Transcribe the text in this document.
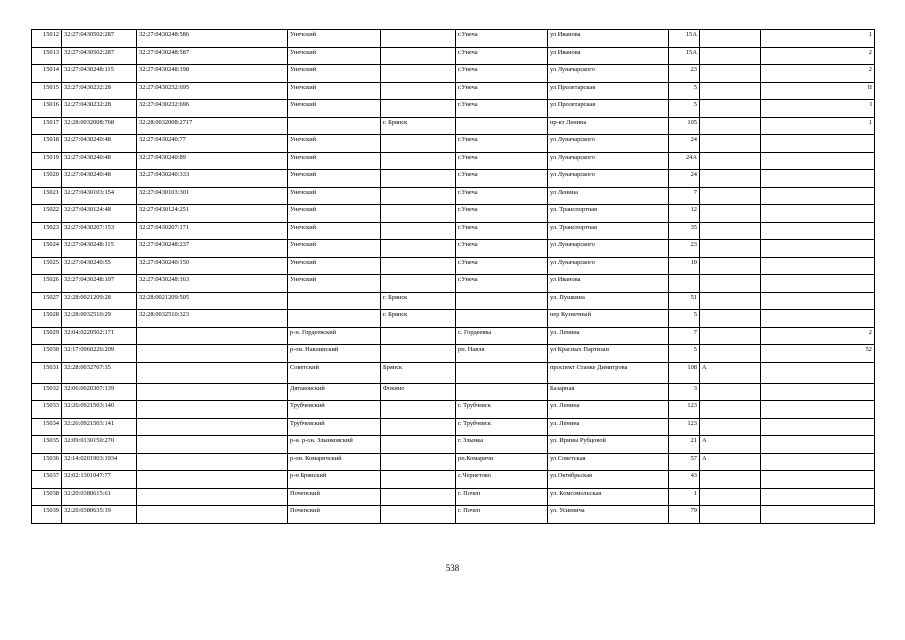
15012	32:27:0430502:287	32:27:0430248:586	Унечский		г.Унеча	ул Иванова	15А		1
15013	32:27:0430502:287	32:27:0430248:587	Унечский		г.Унеча	ул Иванова	15А		2
15014	32:27:0430248:115	32:27:0430248:198	Унечский		г.Унеча	ул Луначарского	23		2
15015	32:27:0430232:28	32:27:0430232:695	Унечский		г.Унеча	ул Пролетарская	5		II
15016	32:27:0430232:28	32:27:0430232:696	Унечский		г.Унеча	ул Пролетарская	5		I
15017	32:28:0032008:768	32:28:0032008:2717		г. Брянск		пр-кт Ленина	105		1
15018	32:27:0430240:48	32:27:0430240:77	Унечский		г.Унеча	ул Луначарского	24		
15019	32:27:0430240:48	32:27:0430240:89	Унечский		г.Унеча	ул Луначарского	24А		
15020	32:27:0430240:48	32:27:0430240:333	Унечский		г.Унеча	ул Луначарского	24		
15021	32:27:0430103:154	32:27:0430103:301	Унечский		г.Унеча	ул Ленина	7		
15022	32:27:0430124:48	32:27:0430124:251	Унечский		г.Унеча	ул. Транспортная	12		
15023	32:27:0430207:153	32:27:0430207:171	Унечский		г.Унеча	ул. Транспортная	35		
15024	32:27:0430248:115	32:27:0430248:237	Унечский		г.Унеча	ул Луначарского	23		
15025	32:27:0430240:55	32:27:0430240:150	Унечский		г.Унеча	ул Луначарского	19		
15026	32:27:0430248:107	32:27:0430248:163	Унечский		г.Унеча	ул Иванова			
15027	32:28:0021209:28	32:28:0021209:505		г. Брянск		ул. Пушкина	51		
15028	32:28:0032510:29	32:28:0032510:323		г. Брянск		пер Кузнечный	5		
15029	32:04:0220502:171		р-н. Гордеевский		с. Гордеевка	ул. Ленина	7		2
15030	32:17:0960226:209		р-он. Навлинский		рп. Навля	ул Красных Партизан	5		52
15031	32:28:0032707:35		Советский	Брянск		проспект Станке Димитрова	108	А	
15032	32:06:0020307:139		Дятьковский	Фокино		Базарная	3		
15033	32:26:0921503:140		Трубчевский		г. Трубчевск	ул. Ленина	123		
15034	32:26:0921503:141		Трубчевский		г. Трубчевск	ул. Ленина	123		
15035	32:09:0130150:270		р-н. р-он. Злынковский		г. Злынка	ул. Ирины Рубцовой	21	А	
15036	32:14:0201903:1934		р-он. Комаричский		рп.Комаричи	ул Советская	57	А	
15037	32:02:1301047:77		р-н Брянский		с.Чернетово	ул.Октябрьская	43		
15038	32:20:0380615:61		Почепский		г. Почеп	ул. Комсомольская	1		
15039	32:20:0380635:19		Почепский		г. Почеп	ул. Усиевича	79		
538
